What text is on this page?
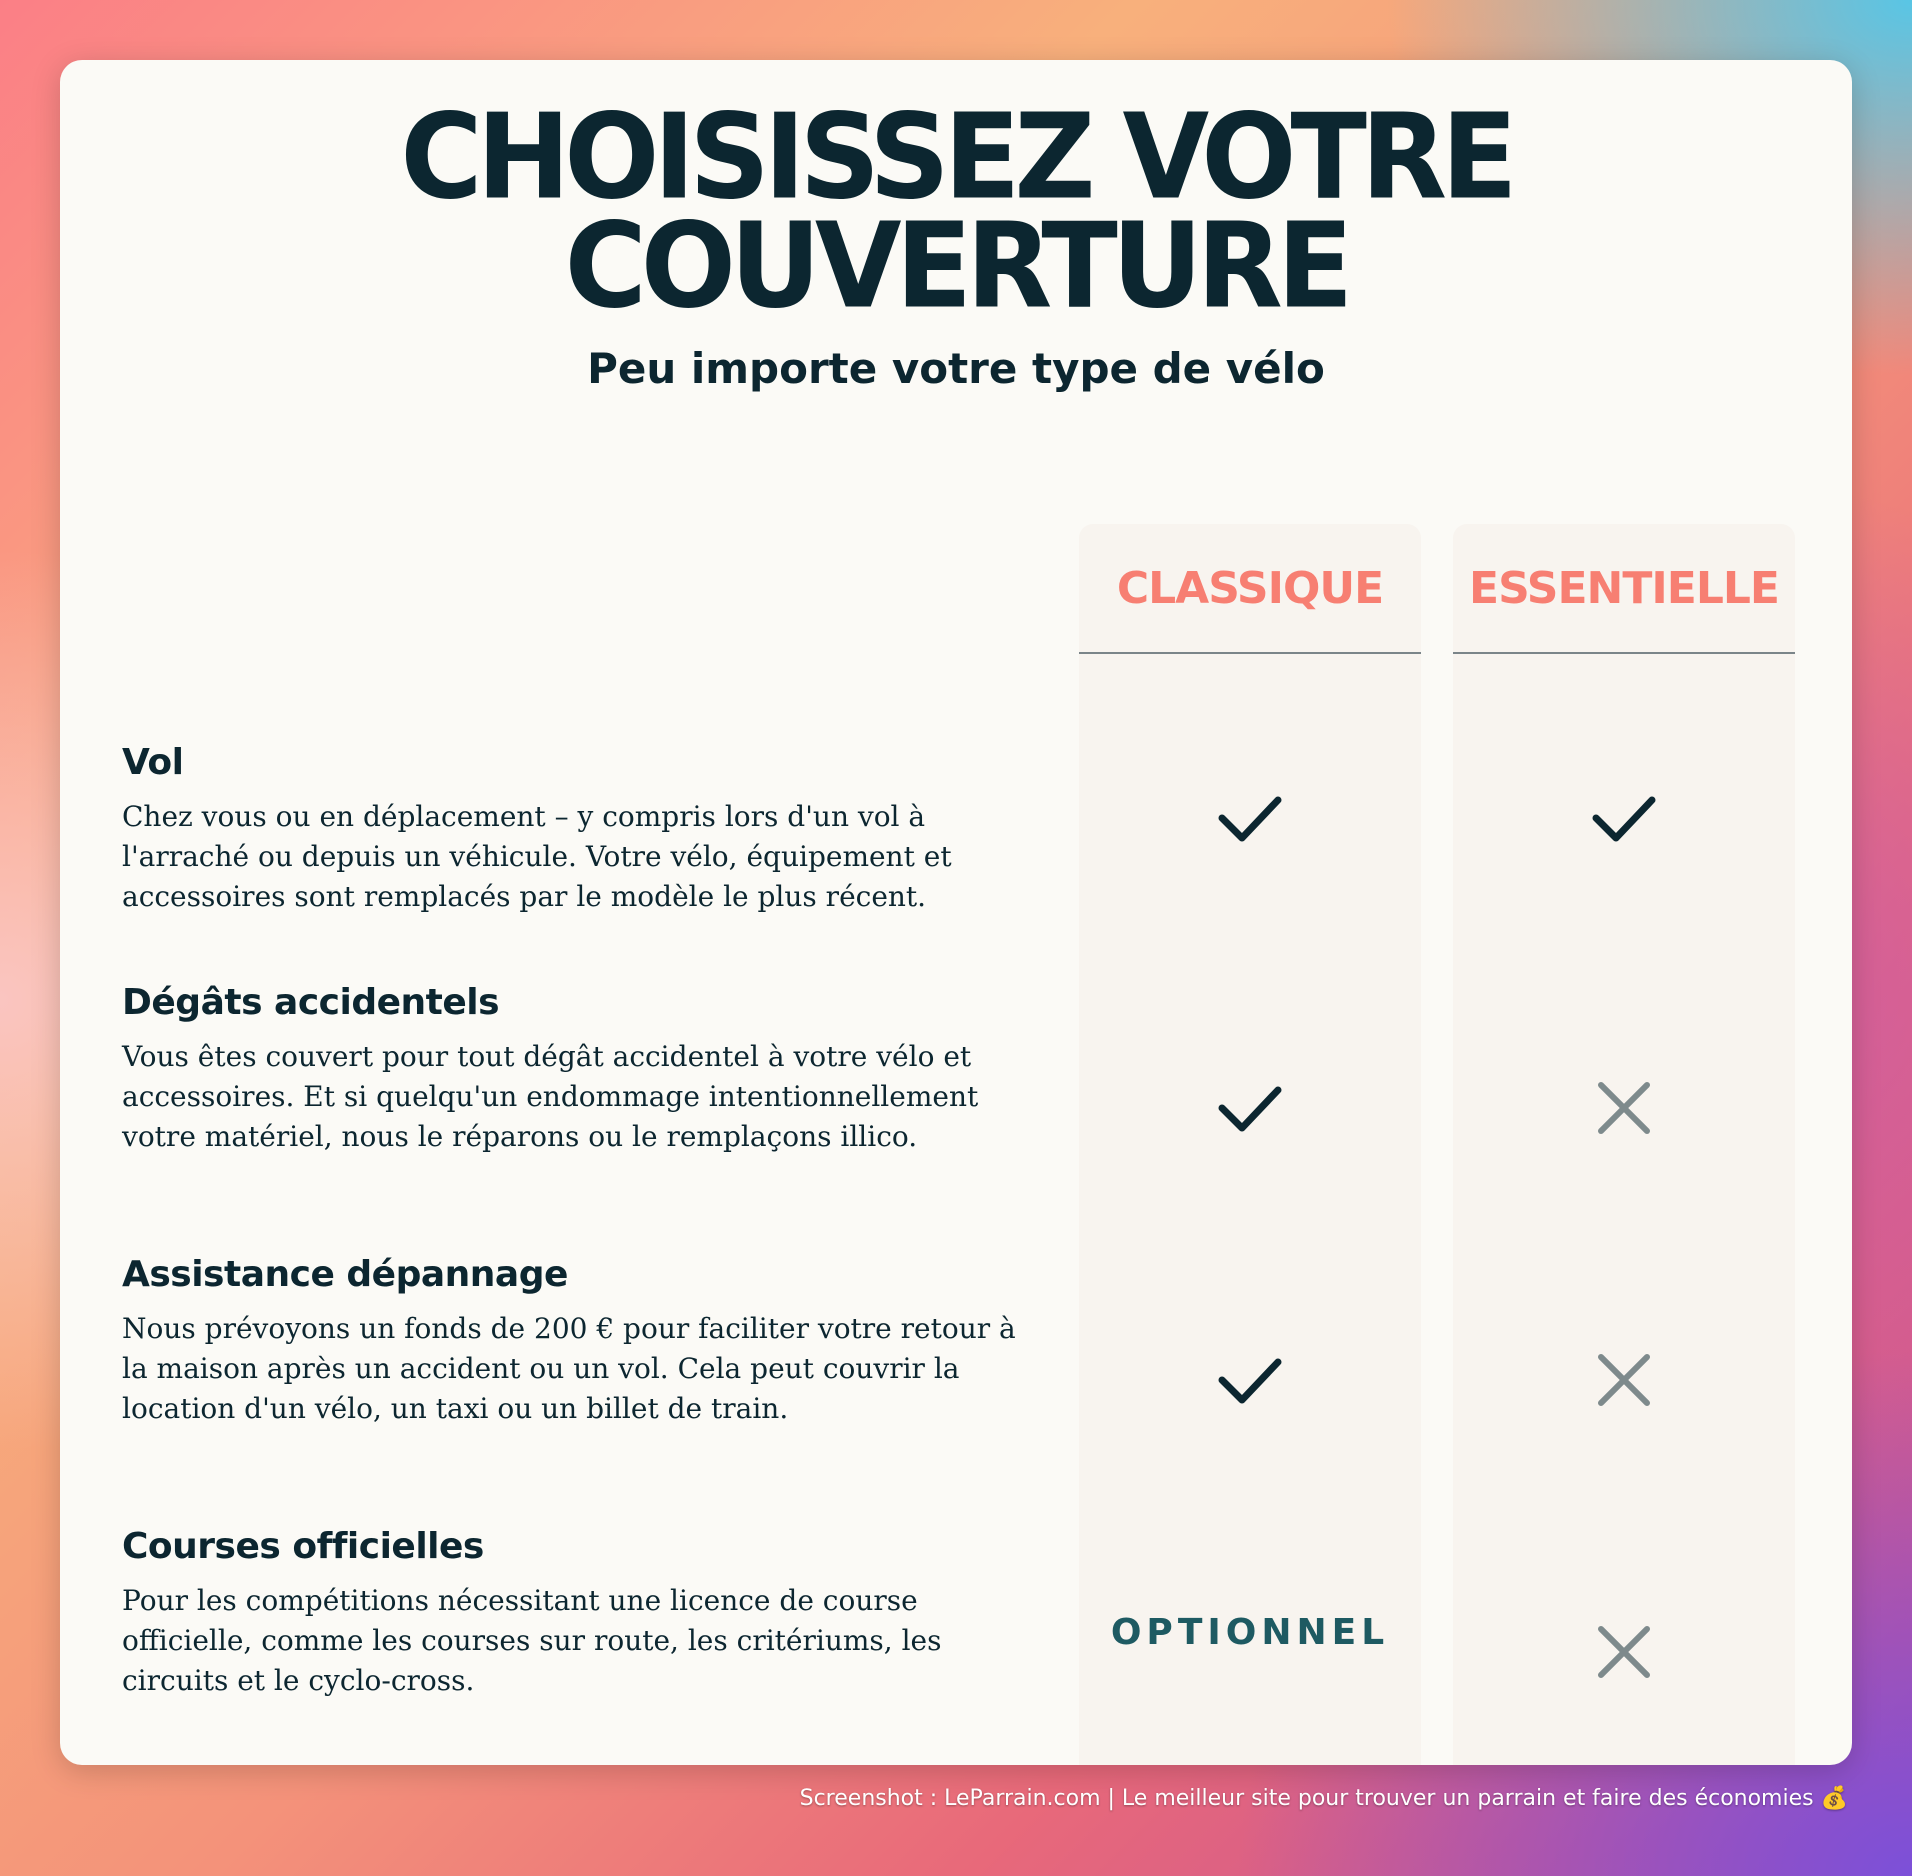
CHOISISSEZ VOTRE
COUVERTURE
Peu importe votre type de vélo
CLASSIQUE	ESSENTIELLE
Vol

Chez vous ou en déplacement – y compris lors d'un vol à l'arraché ou depuis un véhicule. Votre vélo, équipement et accessoires sont remplacés par le modèle le plus récent.

Dégâts accidentels

Vous êtes couvert pour tout dégât accidentel à votre vélo et accessoires. Et si quelqu'un endommage intentionnellement votre matériel, nous le réparons ou le remplaçons illico.

Assistance dépannage

Nous prévoyons un fonds de 200 € pour faciliter votre retour à la maison après un accident ou un vol. Cela peut couvrir la location d'un vélo, un taxi ou un billet de train.

Courses officielles

Pour les compétitions nécessitant une licence de course officielle, comme les courses sur route, les critériums, les circuits et le cyclo-cross.

OPTIONNEL
Screenshot : LeParrain.com | Le meilleur site pour trouver un parrain et faire des économies 💰
